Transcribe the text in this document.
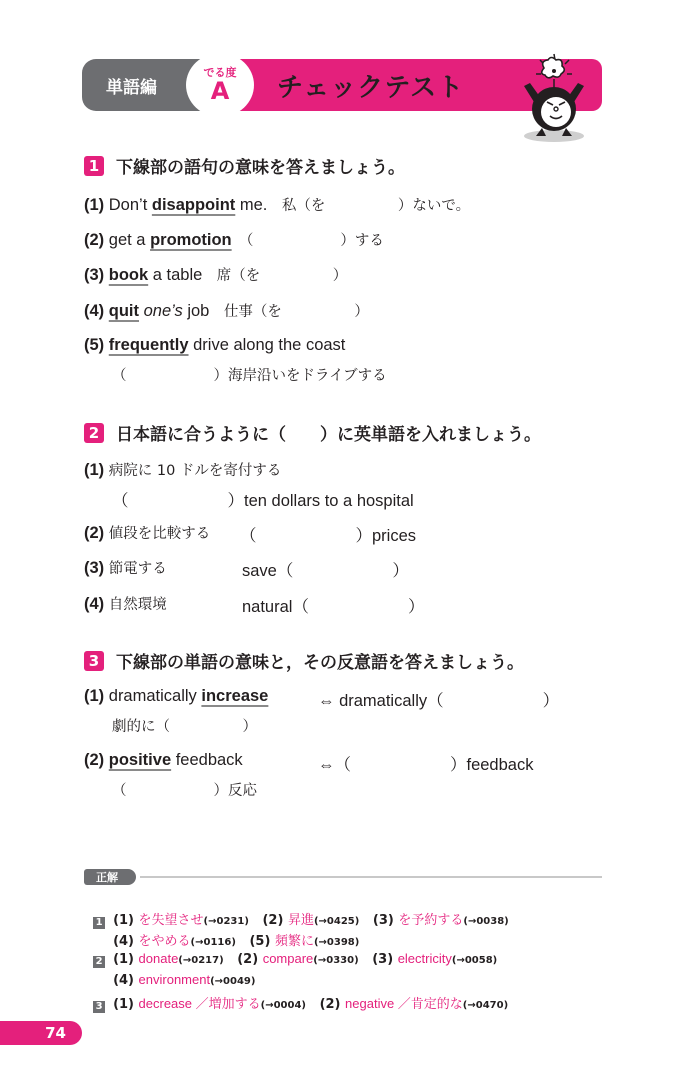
単語編	チェックテスト
でる度
A
1 下線部の語句の意味を答えましょう。
(1) Don’t disappoint me.　私（を　　　　　）ないで。
(2) get a promotion　（　　　　　　）する
(3) book a table　席（を　　　　　）
(4) quit one’s job　仕事（を　　　　　）
(5) frequently drive along the coast
（　　　　　　）海岸沿いをドライブする
2 日本語に合うように（　　）に英単語を入れましょう。
(1) 病院に 10 ドルを寄付する
（　　　　　　）ten dollars to a hospital
(2) 値段を比較する （　　　　　　）prices
(3) 節電する	save（　　　　　　）
(4) 自然環境	natural（　　　　　　）
3 下線部の単語の意味と，その反意語を答えましょう。
(1) dramatically increase	⇔ dramatically（　　　　　　）
劇的に（　　　　　）
(2) positive feedback	⇔（　　　　　　）feedback
（　　　　　　）反応
正解

1 (1) を失望させ(→0231) (2) 昇進(→0425) (3) を予約する(→0038)

(4) をやめる(→0116) (5) 頻繁に(→0398)

2 (1) donate(→0217) (2) compare(→0330) (3) electricity(→0058)

(4) environment(→0049)

3 (1) decrease ／増加する(→0004) (2) negative ／肯定的な(→0470)

74
